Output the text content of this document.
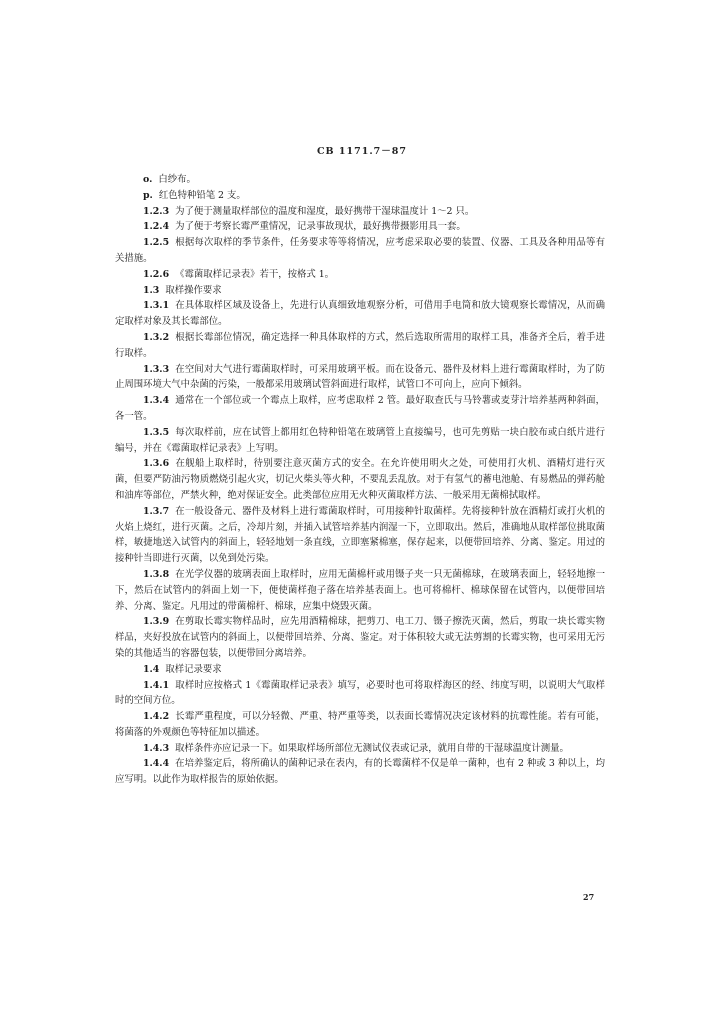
CB 1171.7－87

o. 白纱布。

p. 红色特种铅笔 2 支。

1.2.3 为了便于测量取样部位的温度和湿度，最好携带干湿球温度计 1～2 只。

1.2.4 为了便于考察长霉严重情况，记录事故现状，最好携带摄影用具一套。

1.2.5 根据每次取样的季节条件，任务要求等等将情况，应考虑采取必要的装置、仪器、工具及各种用品等有关措施。

1.2.6 《霉菌取样记录表》若干，按格式 1。

1.3 取样操作要求

1.3.1 在具体取样区域及设备上，先进行认真细致地观察分析，可借用手电筒和放大镜观察长霉情况，从而确定取样对象及其长霉部位。

1.3.2 根据长霉部位情况，确定选择一种具体取样的方式，然后选取所需用的取样工具，准备齐全后，着手进行取样。

1.3.3 在空间对大气进行霉菌取样时，可采用玻璃平板。而在设备元、器件及材料上进行霉菌取样时，为了防止周围环境大气中杂菌的污染，一般都采用玻璃试管斜面进行取样，试管口不可向上，应向下倾斜。

1.3.4 通常在一个部位或一个霉点上取样，应考虑取样 2 管。最好取查氏与马铃薯或麦芽汁培养基两种斜面，各一管。

1.3.5 每次取样前，应在试管上都用红色特种铅笔在玻璃管上直接编号，也可先剪贴一块白胶布或白纸片进行编号，并在《霉菌取样记录表》上写明。

1.3.6 在舰船上取样时，待别要注意灭菌方式的安全。在允许使用明火之处，可使用打火机、酒精灯进行灭菌，但要严防油污物质燃烧引起火灾，切记火柴头等火种，不要乱丢乱放。对于有氢气的蓄电池舱、有易燃品的弹药舱和油库等部位，严禁火种，绝对保证安全。此类部位应用无火种灭菌取样方法、一般采用无菌棉拭取样。

1.3.7 在一般设备元、器件及材料上进行霉菌取样时，可用接种针取菌样。先将接种针放在酒精灯或打火机的火焰上烧红，进行灭菌。之后，冷却片刻，并插入试管培养基内润湿一下，立即取出。然后，准确地从取样部位挑取菌样，敏捷地送入试管内的斜面上，轻轻地划一条直线，立即塞紧棉塞，保存起来，以便带回培养、分离、鉴定。用过的接种针当即进行灭菌，以免到处污染。

1.3.8 在光学仪器的玻璃表面上取样时，应用无菌棉杆或用镊子夹一只无菌棉球，在玻璃表面上，轻轻地擦一下，然后在试管内的斜面上划一下，便使菌样孢子落在培养基表面上。也可将棉杆、棉球保留在试管内，以便带回培养、分离、鉴定。凡用过的带菌棉杆、棉球，应集中烧毁灭菌。

1.3.9 在剪取长霉实物样品时，应先用酒精棉球，把剪刀、电工刀、镊子擦洗灭菌，然后，剪取一块长霉实物样品，夹好投放在试管内的斜面上，以便带回培养、分离、鉴定。对于体积较大或无法剪割的长霉实物，也可采用无污染的其他适当的容器包装，以便带回分离培养。

1.4 取样记录要求

1.4.1 取样时应按格式 1《霉菌取样记录表》填写，必要时也可将取样海区的经、纬度写明，以说明大气取样时的空间方位。

1.4.2 长霉严重程度，可以分轻微、严重、特严重等类，以表面长霉情况决定该材料的抗霉性能。若有可能，将菌落的外观颜色等特征加以描述。

1.4.3 取样条件亦应记录一下。如果取样场所部位无测试仪表或记录，就用自带的干湿球温度计测量。

1.4.4 在培养鉴定后，将所确认的菌种记录在表内，有的长霉菌样不仅是单一菌种，也有 2 种或 3 种以上，均应写明。以此作为取样报告的原始依据。

27
